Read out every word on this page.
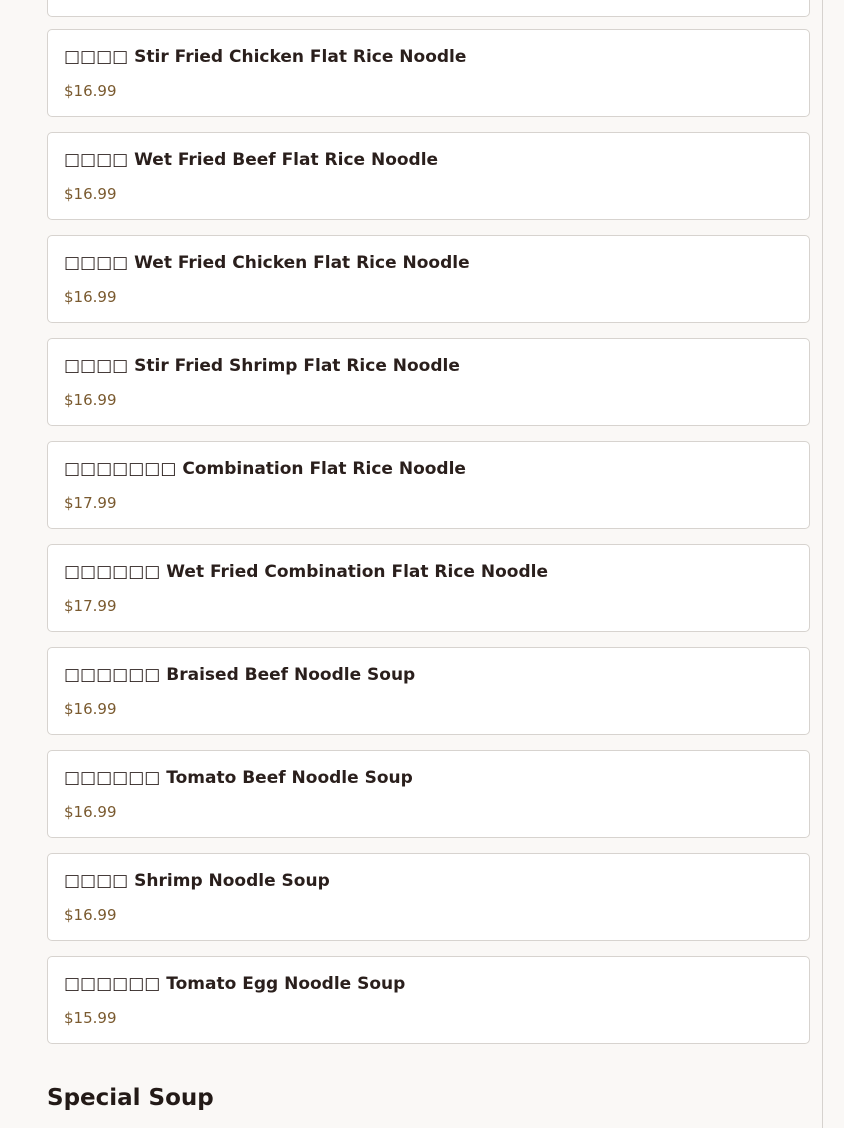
□□□□ Stir Fried Chicken Flat Rice Noodle
$16.99
□□□□ Wet Fried Beef Flat Rice Noodle
$16.99
□□□□ Wet Fried Chicken Flat Rice Noodle
$16.99
□□□□ Stir Fried Shrimp Flat Rice Noodle
$16.99
□□□□□□□ Combination Flat Rice Noodle
$17.99
□□□□□□ Wet Fried Combination Flat Rice Noodle
$17.99
□□□□□□ Braised Beef Noodle Soup
$16.99
□□□□□□ Tomato Beef Noodle Soup
$16.99
□□□□ Shrimp Noodle Soup
$16.99
□□□□□□ Tomato Egg Noodle Soup
$15.99
Special Soup
